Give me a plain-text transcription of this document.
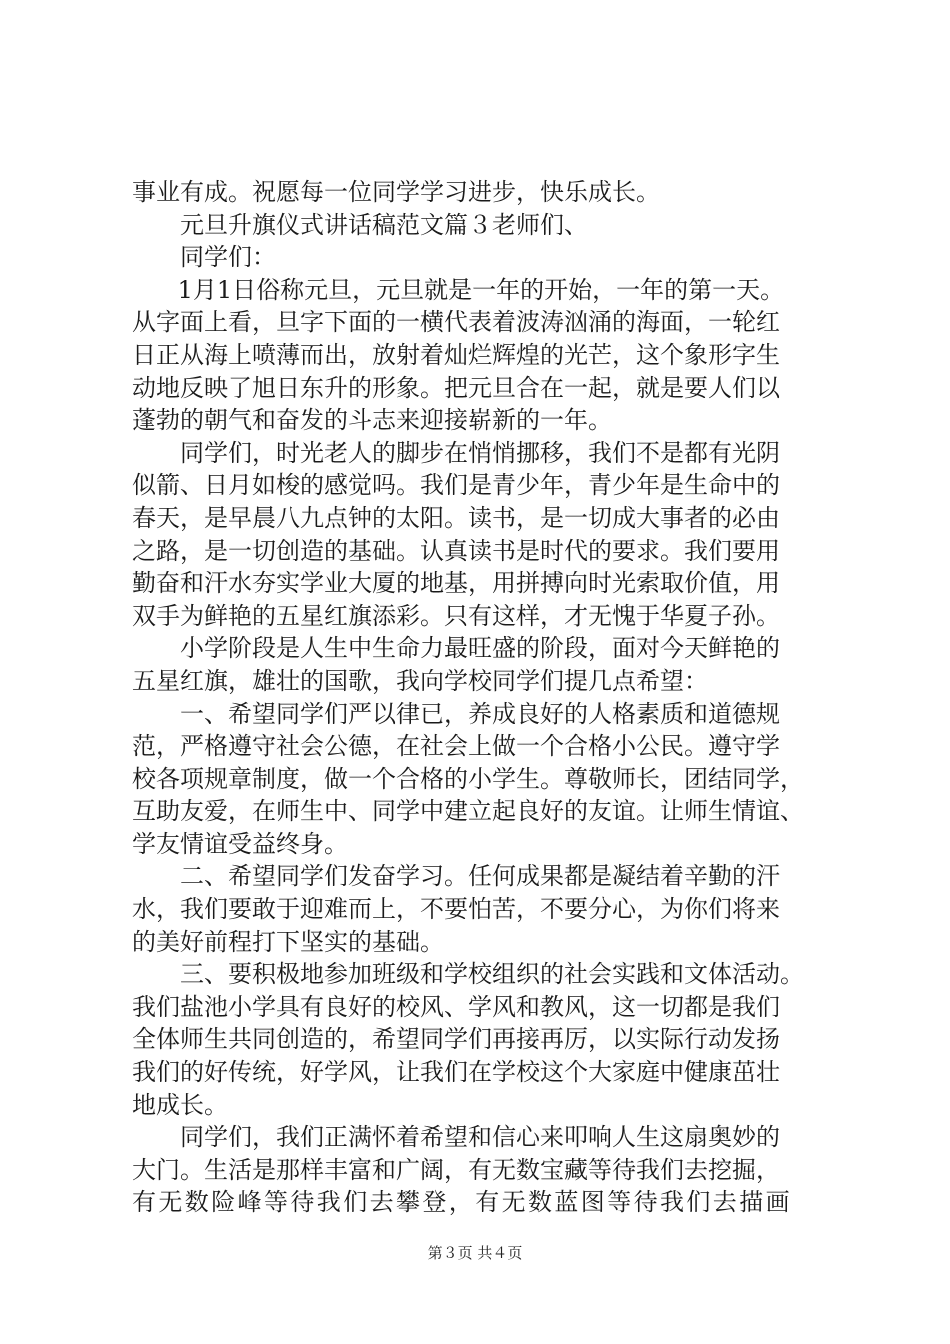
事业有成。祝愿每一位同学学习进步，快乐成长。
元旦升旗仪式讲话稿范文篇３老师们、
同学们：
1月1日俗称元旦，元旦就是一年的开始，一年的第一天。
从字面上看，旦字下面的一横代表着波涛汹涌的海面，一轮红
日正从海上喷薄而出，放射着灿烂辉煌的光芒，这个象形字生
动地反映了旭日东升的形象。把元旦合在一起，就是要人们以
蓬勃的朝气和奋发的斗志来迎接崭新的一年。
同学们，时光老人的脚步在悄悄挪移，我们不是都有光阴
似箭、日月如梭的感觉吗。我们是青少年，青少年是生命中的
春天，是早晨八九点钟的太阳。读书，是一切成大事者的必由
之路，是一切创造的基础。认真读书是时代的要求。我们要用
勤奋和汗水夯实学业大厦的地基，用拼搏向时光索取价值，用
双手为鲜艳的五星红旗添彩。只有这样，才无愧于华夏子孙。
小学阶段是人生中生命力最旺盛的阶段，面对今天鲜艳的
五星红旗，雄壮的国歌，我向学校同学们提几点希望：
一、希望同学们严以律已，养成良好的人格素质和道德规
范，严格遵守社会公德，在社会上做一个合格小公民。遵守学
校各项规章制度，做一个合格的小学生。尊敬师长，团结同学，
互助友爱，在师生中、同学中建立起良好的友谊。让师生情谊、
学友情谊受益终身。
二、希望同学们发奋学习。任何成果都是凝结着辛勤的汗
水，我们要敢于迎难而上，不要怕苦，不要分心，为你们将来
的美好前程打下坚实的基础。
三、要积极地参加班级和学校组织的社会实践和文体活动。
我们盐池小学具有良好的校风、学风和教风，这一切都是我们
全体师生共同创造的，希望同学们再接再厉，以实际行动发扬
我们的好传统，好学风，让我们在学校这个大家庭中健康茁壮
地成长。
同学们，我们正满怀着希望和信心来叩响人生这扇奥妙的
大门。生活是那样丰富和广阔，有无数宝藏等待我们去挖掘，
有无数险峰等待我们去攀登，有无数蓝图等待我们去描画
第３页 共４页
